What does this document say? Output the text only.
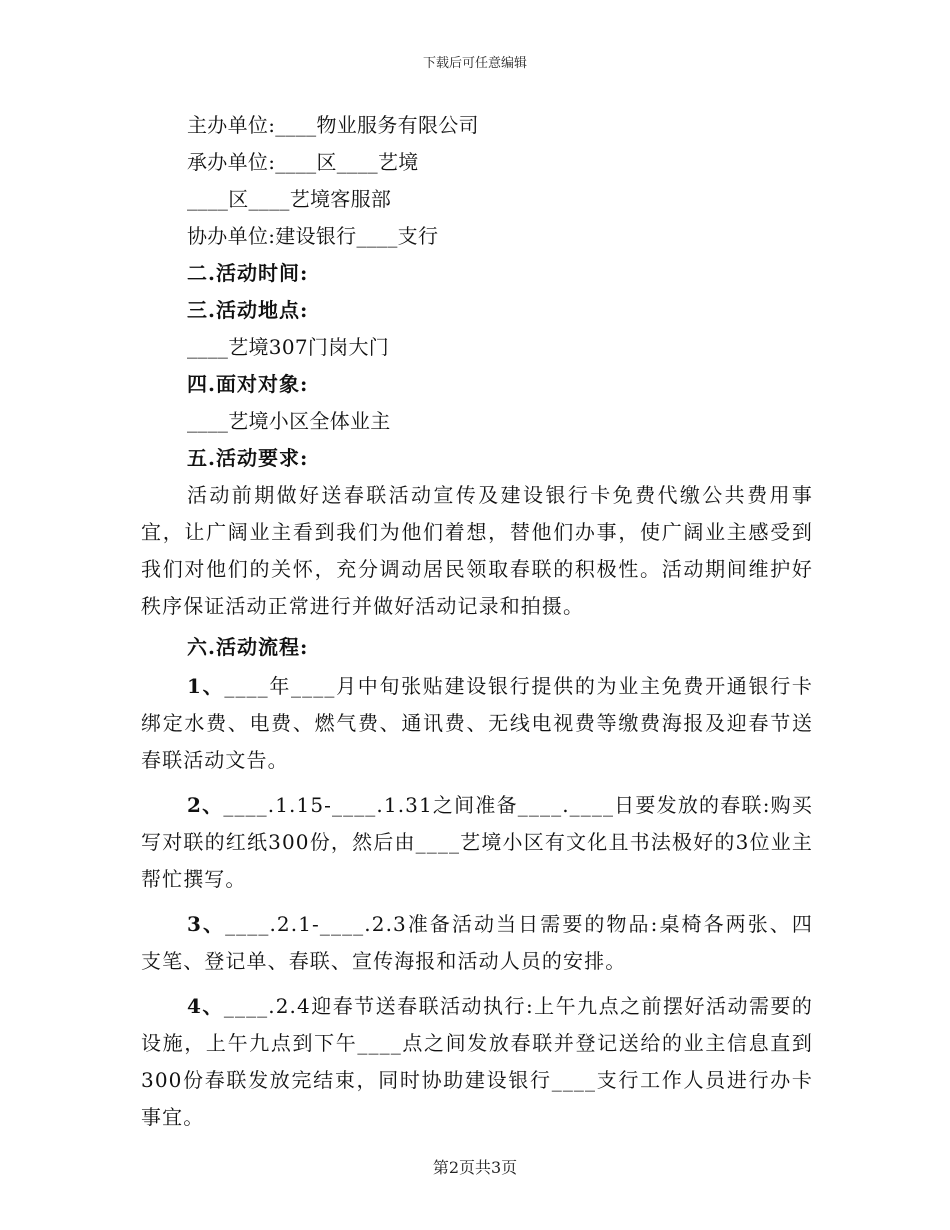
下载后可任意编辑
主办单位:____物业服务有限公司
承办单位:____区____艺境
____区____艺境客服部
协办单位:建设银行____支行
二.活动时间:
三.活动地点:
____艺境307门岗大门
四.面对对象:
____艺境小区全体业主
五.活动要求:

活动前期做好送春联活动宣传及建设银行卡免费代缴公共费用事宜，让广阔业主看到我们为他们着想，替他们办事，使广阔业主感受到我们对他们的关怀，充分调动居民领取春联的积极性。活动期间维护好秩序保证活动正常进行并做好活动记录和拍摄。

六.活动流程:

1、____年____月中旬张贴建设银行提供的为业主免费开通银行卡绑定水费、电费、燃气费、通讯费、无线电视费等缴费海报及迎春节送春联活动文告。

2、____.1.15-____.1.31之间准备____.____日要发放的春联:购买写对联的红纸300份，然后由____艺境小区有文化且书法极好的3位业主帮忙撰写。

3、____.2.1-____.2.3准备活动当日需要的物品:桌椅各两张、四支笔、登记单、春联、宣传海报和活动人员的安排。

4、____.2.4迎春节送春联活动执行:上午九点之前摆好活动需要的设施，上午九点到下午____点之间发放春联并登记送给的业主信息直到300份春联发放完结束，同时协助建设银行____支行工作人员进行办卡事宜。

第2页共3页
